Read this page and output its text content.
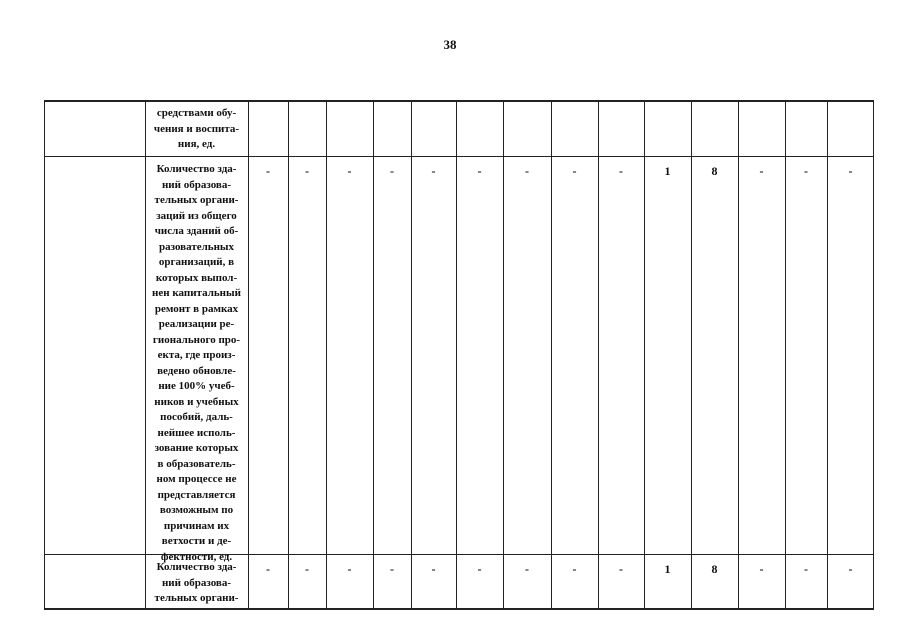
38
средствами обу-
чения и воспита-
ния, ед.
Количество зда-
ний образова-
тельных органи-
заций из общего
числа зданий об-
разовательных
организаций, в
которых выпол-
нен капитальный
ремонт в рамках
реализации ре-
гионального про-
екта, где произ-
ведено обновле-
ние 100% учеб-
ников и учебных
пособий, даль-
нейшее исполь-
зование которых
в образователь-
ном процессе не
представляется
возможным по
причинам их
ветхости и де-
фектности, ед.
-	-	-	-	-	-	-	-	-	1	8	-	-	-
Количество зда-
ний образова-
тельных органи-
-	-	-	-	-	-	-	-	-	1	8	-	-	-
